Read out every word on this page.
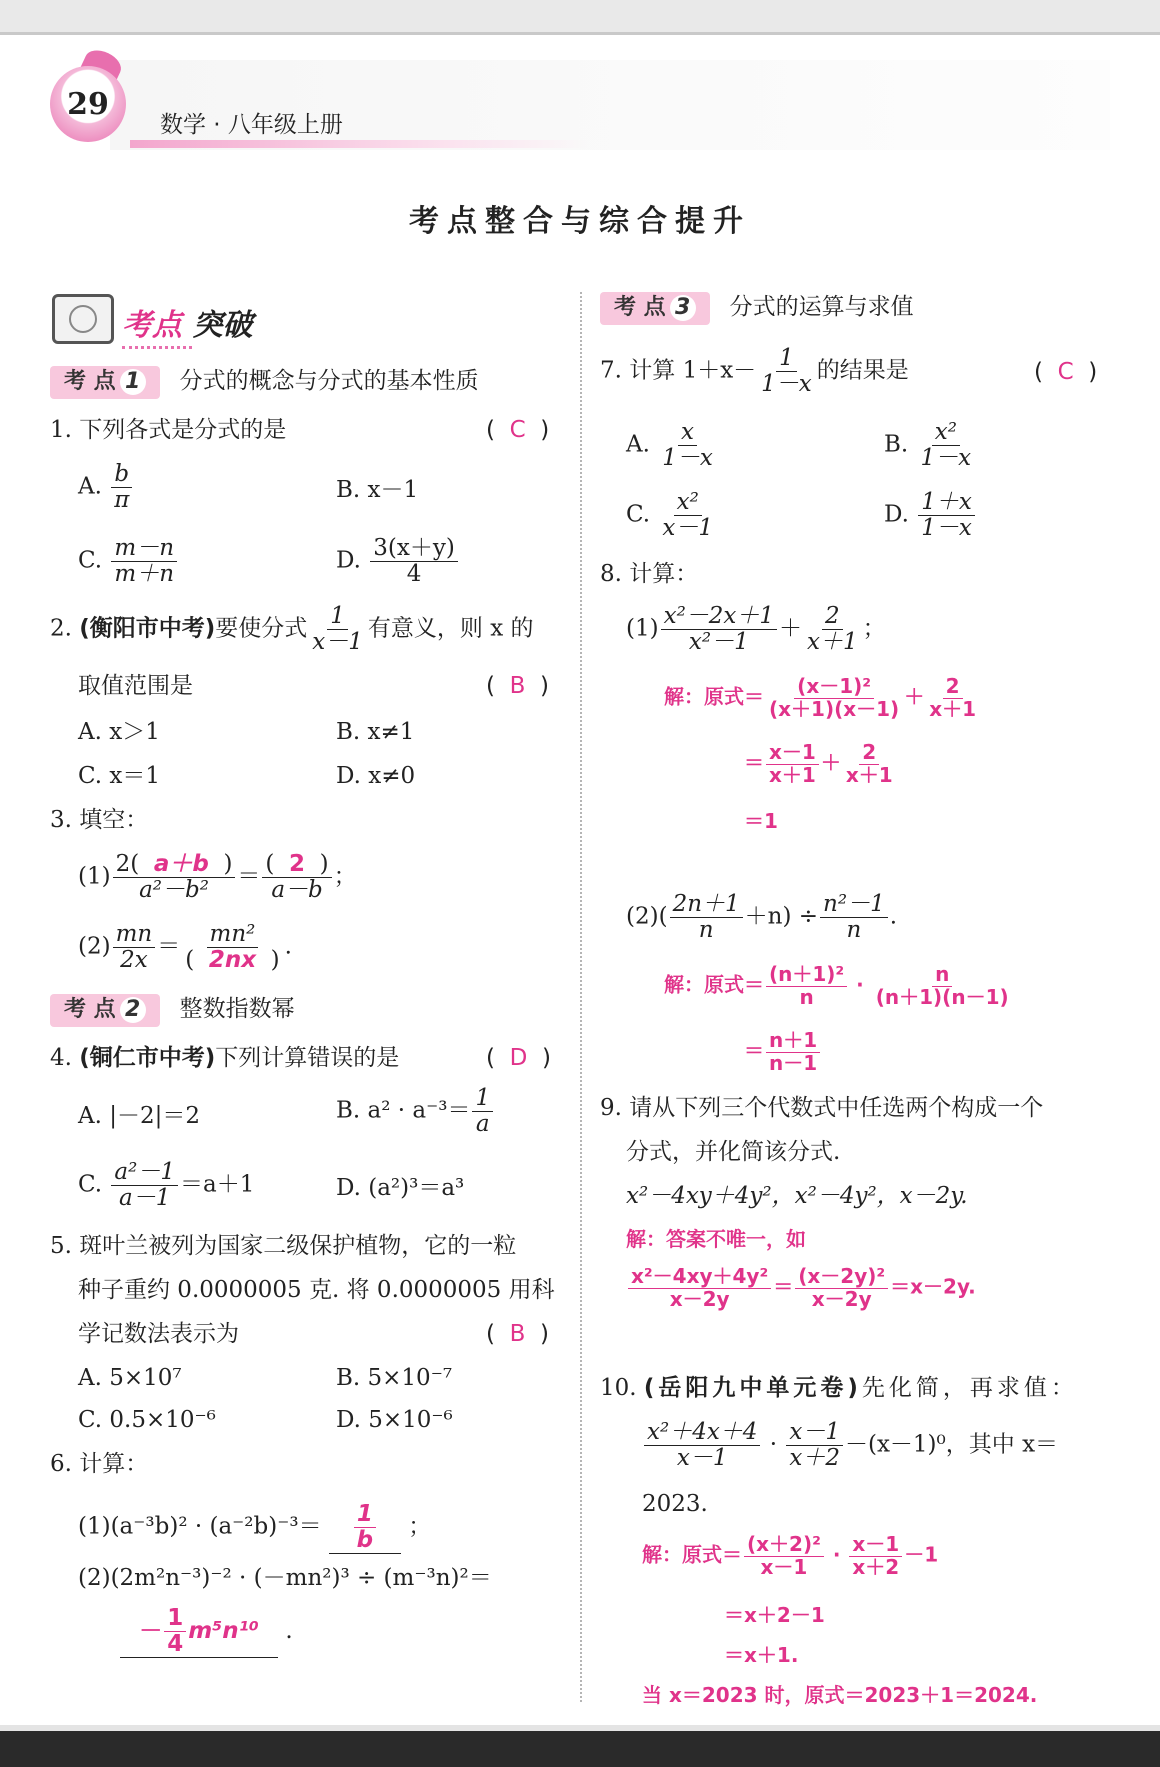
29
数学 · 八年级上册
考点整合与综合提升
考点 突破
考 点 1 分式的概念与分式的基本性质
1. 下列各式是分式的是	(  C  )
A. $\frac{b}{\pi}$	B. x－1
C. $\frac{m-n}{m+n}$	D. $\frac{3(x+y)}{4}$
2. (衡阳市中考)要使分式 $\frac{1}{x-1}$ 有意义，则 x 的
取值范围是	(  B  )
A. x＞1	B. x≠1
C. x＝1	D. x≠0
3. 填空：
$(1) \frac{2( a+b )}{\text{a²－b²}} = \frac{( 2 )}{a-b}$ ；
$(2) \frac{mn}{2x} = \frac{\text{mn²}}{( 2nx )}$ .
考 点 2 整数指数幂
4. (铜仁市中考)下列计算错误的是	(  D  )
A. |－2|＝2	B. $a^2 \cdot a^{-3}= \frac{1}{a}$
C. $\frac{\text{a²－1}}{a-1} =a+1$	D. (a²)³＝a³
5. 斑叶兰被列为国家二级保护植物，它的一粒
种子重约 0.0000005 克. 将 0.0000005 用科
学记数法表示为	(  B  )
A. 5×10⁷	B. 5×10⁻⁷
C. 0.5×10⁻⁶	D. 5×10⁻⁶
6. 计算：
$(1)(a^{-3}b)^2 \cdot (a^{-2}b)^{-3}= \frac{1}{b}$ ；
(2)(2m²n⁻³)⁻² · (－mn²)³ ÷ (m⁻³n)²＝
－ $\frac{1}{4} m^5n^{10}$ .
考 点 3 分式的运算与求值
7. 计算 $1+x- \frac{1}{1-x}$ 的结果是	(  C  )
A. $\frac{x}{1-x}$	B. $\frac{\text{x²}}{1-x}$
C. $\frac{\text{x²}}{x-1}$	D. $\frac{1+x}{1-x}$
8. 计算：
$(1) \frac{\text{x²－2x＋1}}{\text{x²－1}} + \frac{2}{x+1}$ ；
解：原式＝ $\frac{\text{(x－1)²}}{(x+1)(x-1)} + \frac{2}{x+1}$
＝ $\frac{x-1}{x+1} + \frac{2}{x+1}$
＝1
$(2)( \frac{2n+1}{n} +n) \div \frac{\text{n²－1}}{n}$ .
解：原式＝ $\frac{\text{(n＋1)²}}{n} \cdot \frac{n}{(n+1)(n-1)}$
＝ $\frac{n+1}{n-1}$
9. 请从下列三个代数式中任选两个构成一个
分式，并化简该分式.
x²－4xy＋4y²，x²－4y²，x－2y.
解：答案不唯一，如
$\frac{\text{x²－4xy＋4y²}}{x-2y} = \frac{\text{(x－2y)²}}{x-2y} =x-2y$.
10. (岳阳九中单元卷)先化简，再求值：
$\frac{\text{x²＋4x＋4}}{x-1} \cdot \frac{x-1}{x+2} -(x-1)^0$，其中 x＝
2023.
解：原式＝ $\frac{\text{(x＋2)²}}{x-1} \cdot \frac{x-1}{x+2} -1$
＝x＋2－1
＝x＋1.
当 x＝2023 时，原式＝2023＋1＝2024.
